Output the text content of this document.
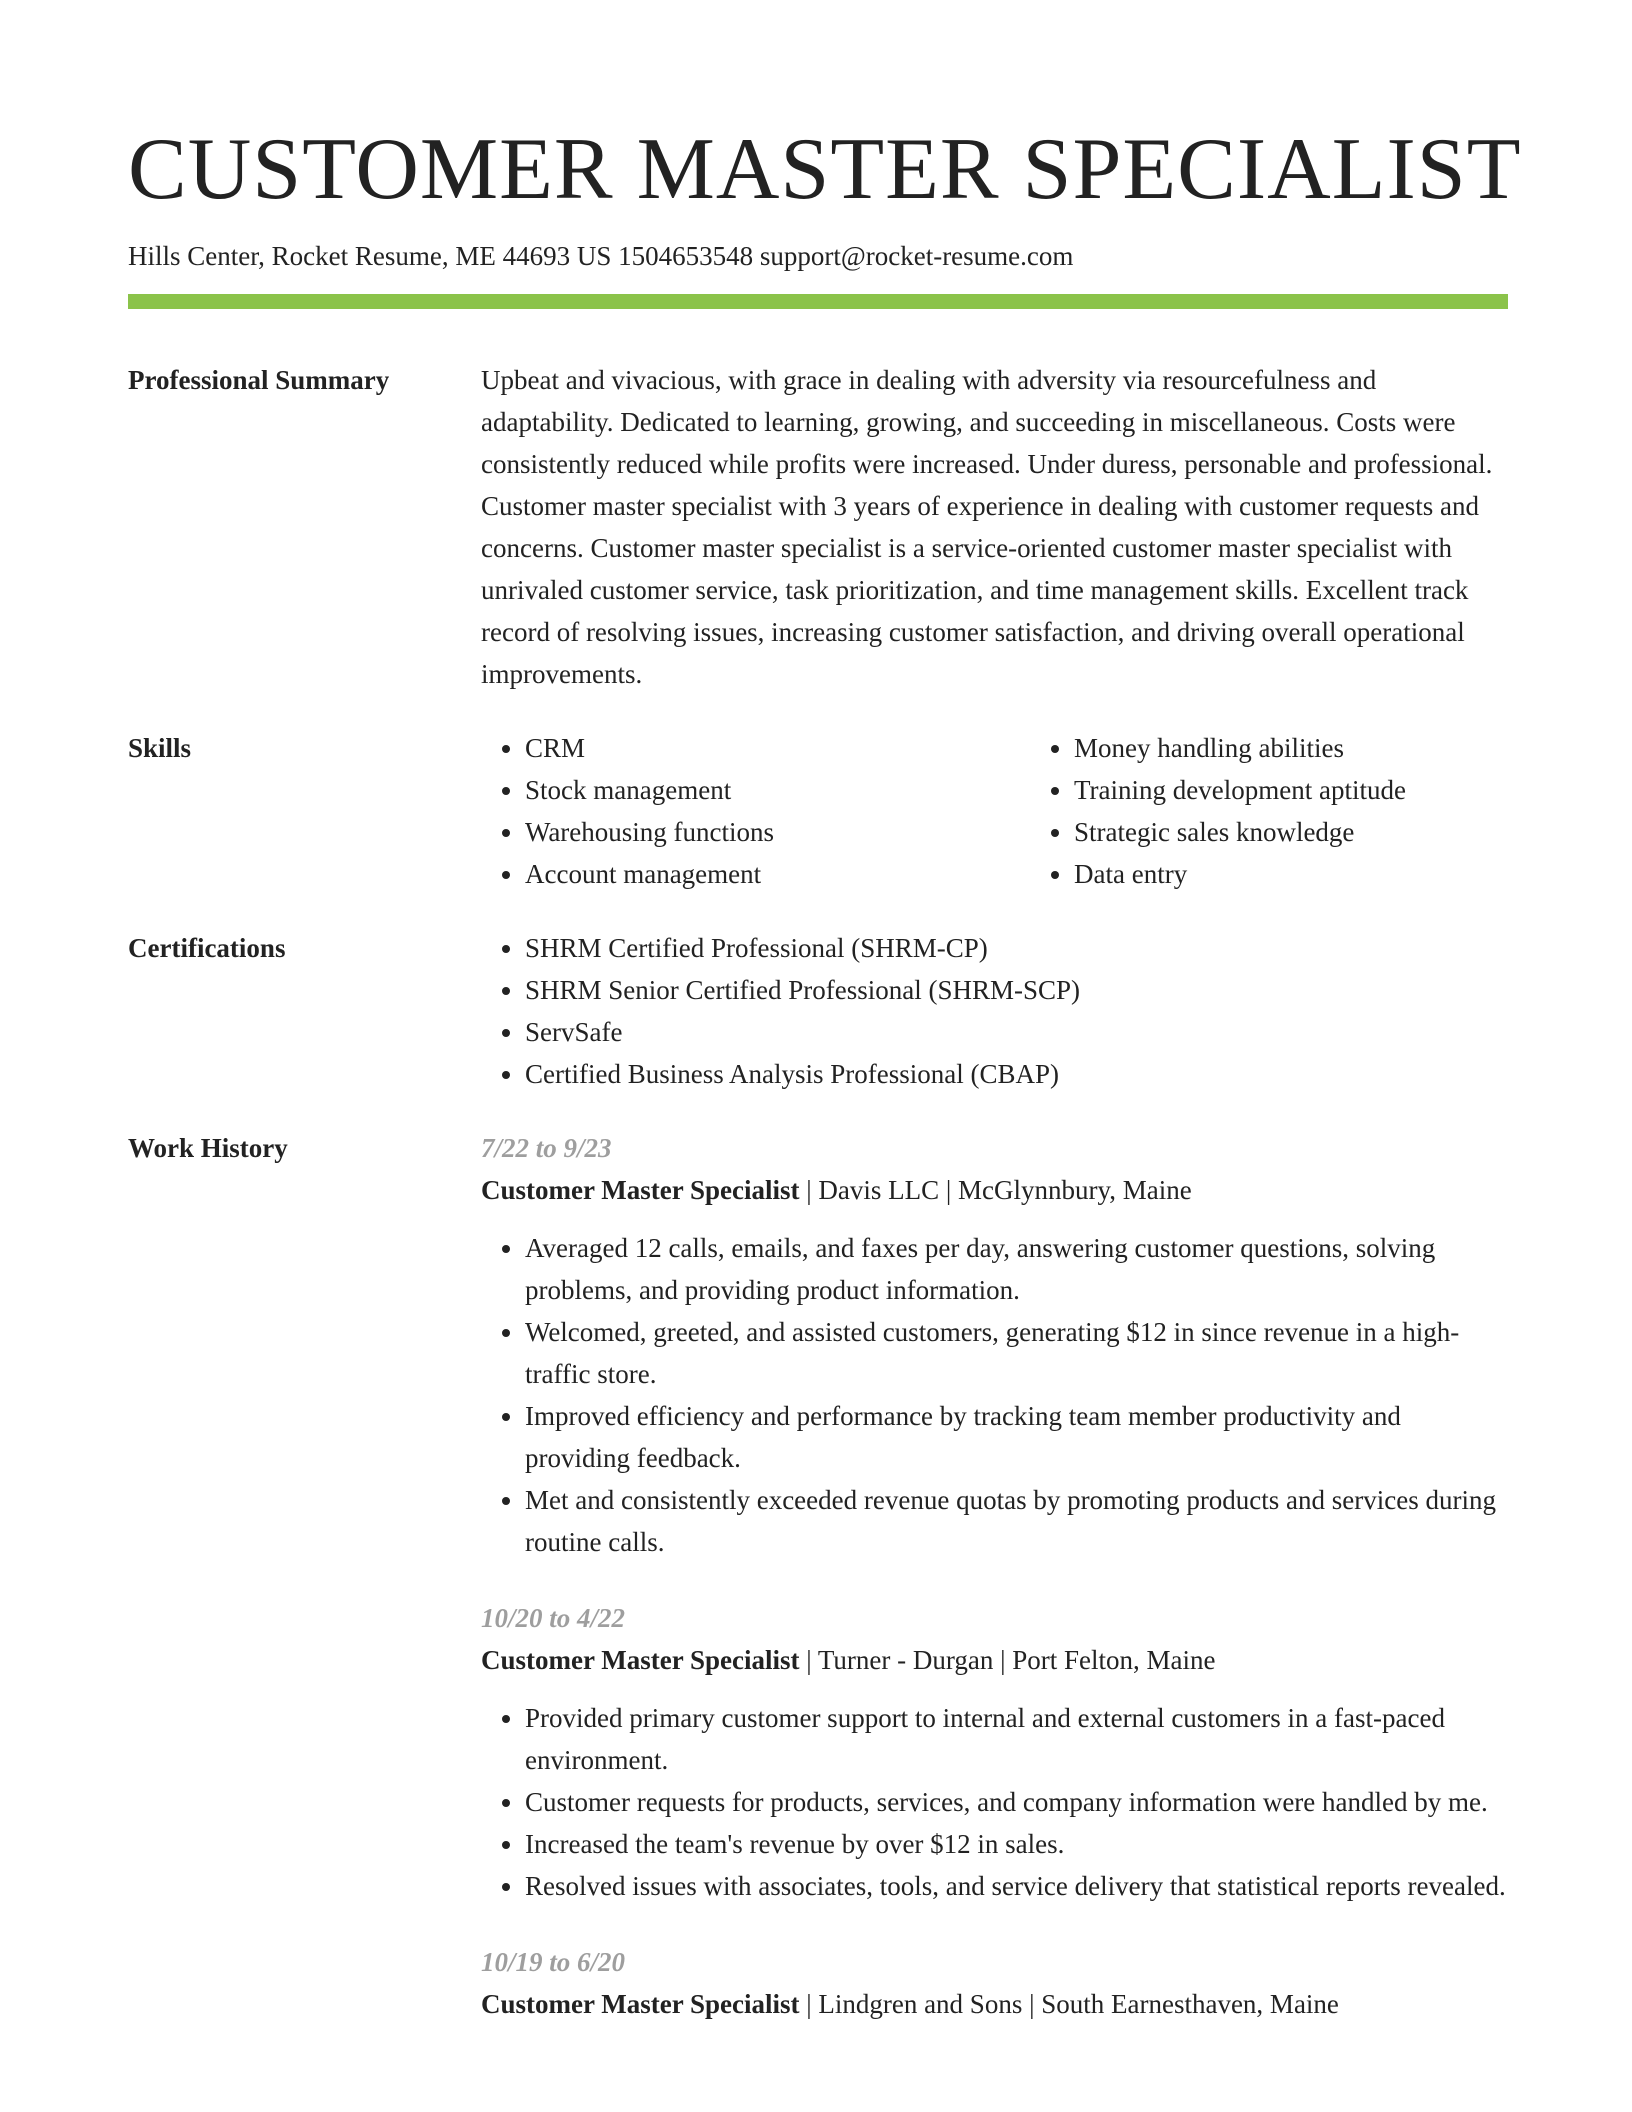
CUSTOMER MASTER SPECIALIST
Hills Center, Rocket Resume, ME 44693 US 1504653548 support@rocket-resume.com
Professional Summary	Upbeat and vivacious, with grace in dealing with adversity via resourcefulness and adaptability. Dedicated to learning, growing, and succeeding in miscellaneous. Costs were consistently reduced while profits were increased. Under duress, personable and professional. Customer master specialist with 3 years of experience in dealing with customer requests and concerns. Customer master specialist is a service-oriented customer master specialist with unrivaled customer service, task prioritization, and time management skills. Excellent track record of resolving issues, increasing customer satisfaction, and driving overall operational improvements.
Skills	• CRM
• Stock management
• Warehousing functions
• Account management
• Money handling abilities
• Training development aptitude
• Strategic sales knowledge
• Data entry
Certifications	• SHRM Certified Professional (SHRM-CP)
• SHRM Senior Certified Professional (SHRM-SCP)
• ServSafe
• Certified Business Analysis Professional (CBAP)
Work History	7/22 to 9/23
Customer Master Specialist | Davis LLC | McGlynnbury, Maine
• Averaged 12 calls, emails, and faxes per day, answering customer questions, solving problems, and providing product information.
• Welcomed, greeted, and assisted customers, generating $12 in since revenue in a high-traffic store.
• Improved efficiency and performance by tracking team member productivity and providing feedback.
• Met and consistently exceeded revenue quotas by promoting products and services during routine calls.
10/20 to 4/22
Customer Master Specialist | Turner - Durgan | Port Felton, Maine
• Provided primary customer support to internal and external customers in a fast-paced environment.
• Customer requests for products, services, and company information were handled by me.
• Increased the team's revenue by over $12 in sales.
• Resolved issues with associates, tools, and service delivery that statistical reports revealed.
10/19 to 6/20
Customer Master Specialist | Lindgren and Sons | South Earnesthaven, Maine
